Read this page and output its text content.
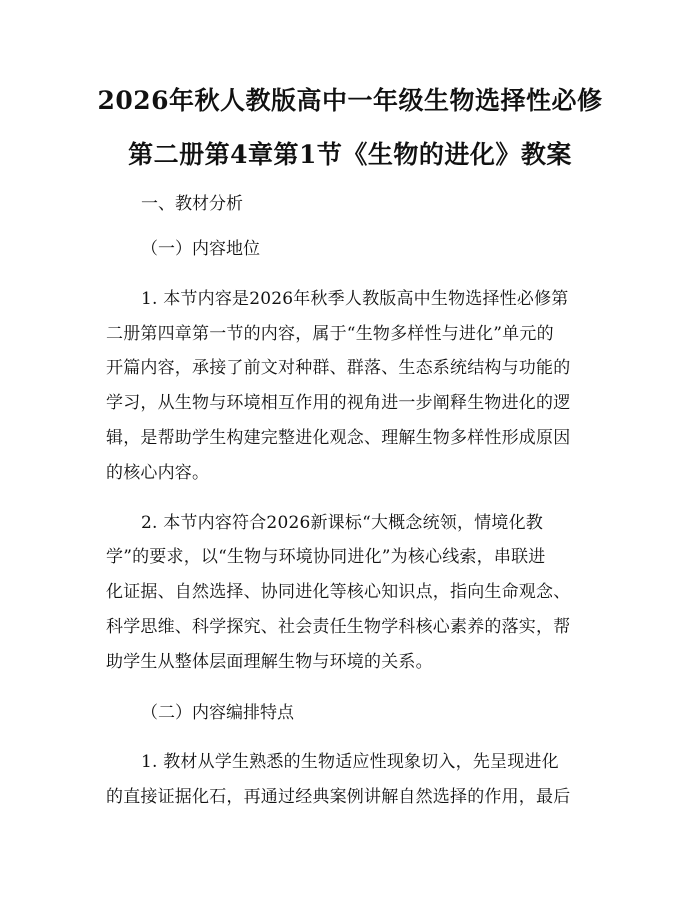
2026年秋人教版高中一年级生物选择性必修
第二册第4章第1节《生物的进化》教案
一、教材分析
（一）内容地位
1. 本节内容是2026年秋季人教版高中生物选择性必修第
二册第四章第一节的内容，属于“生物多样性与进化”单元的
开篇内容，承接了前文对种群、群落、生态系统结构与功能的
学习，从生物与环境相互作用的视角进一步阐释生物进化的逻
辑，是帮助学生构建完整进化观念、理解生物多样性形成原因
的核心内容。
2. 本节内容符合2026新课标“大概念统领，情境化教
学”的要求，以“生物与环境协同进化”为核心线索，串联进
化证据、自然选择、协同进化等核心知识点，指向生命观念、
科学思维、科学探究、社会责任生物学科核心素养的落实，帮
助学生从整体层面理解生物与环境的关系。
（二）内容编排特点
1. 教材从学生熟悉的生物适应性现象切入，先呈现进化
的直接证据化石，再通过经典案例讲解自然选择的作用，最后
